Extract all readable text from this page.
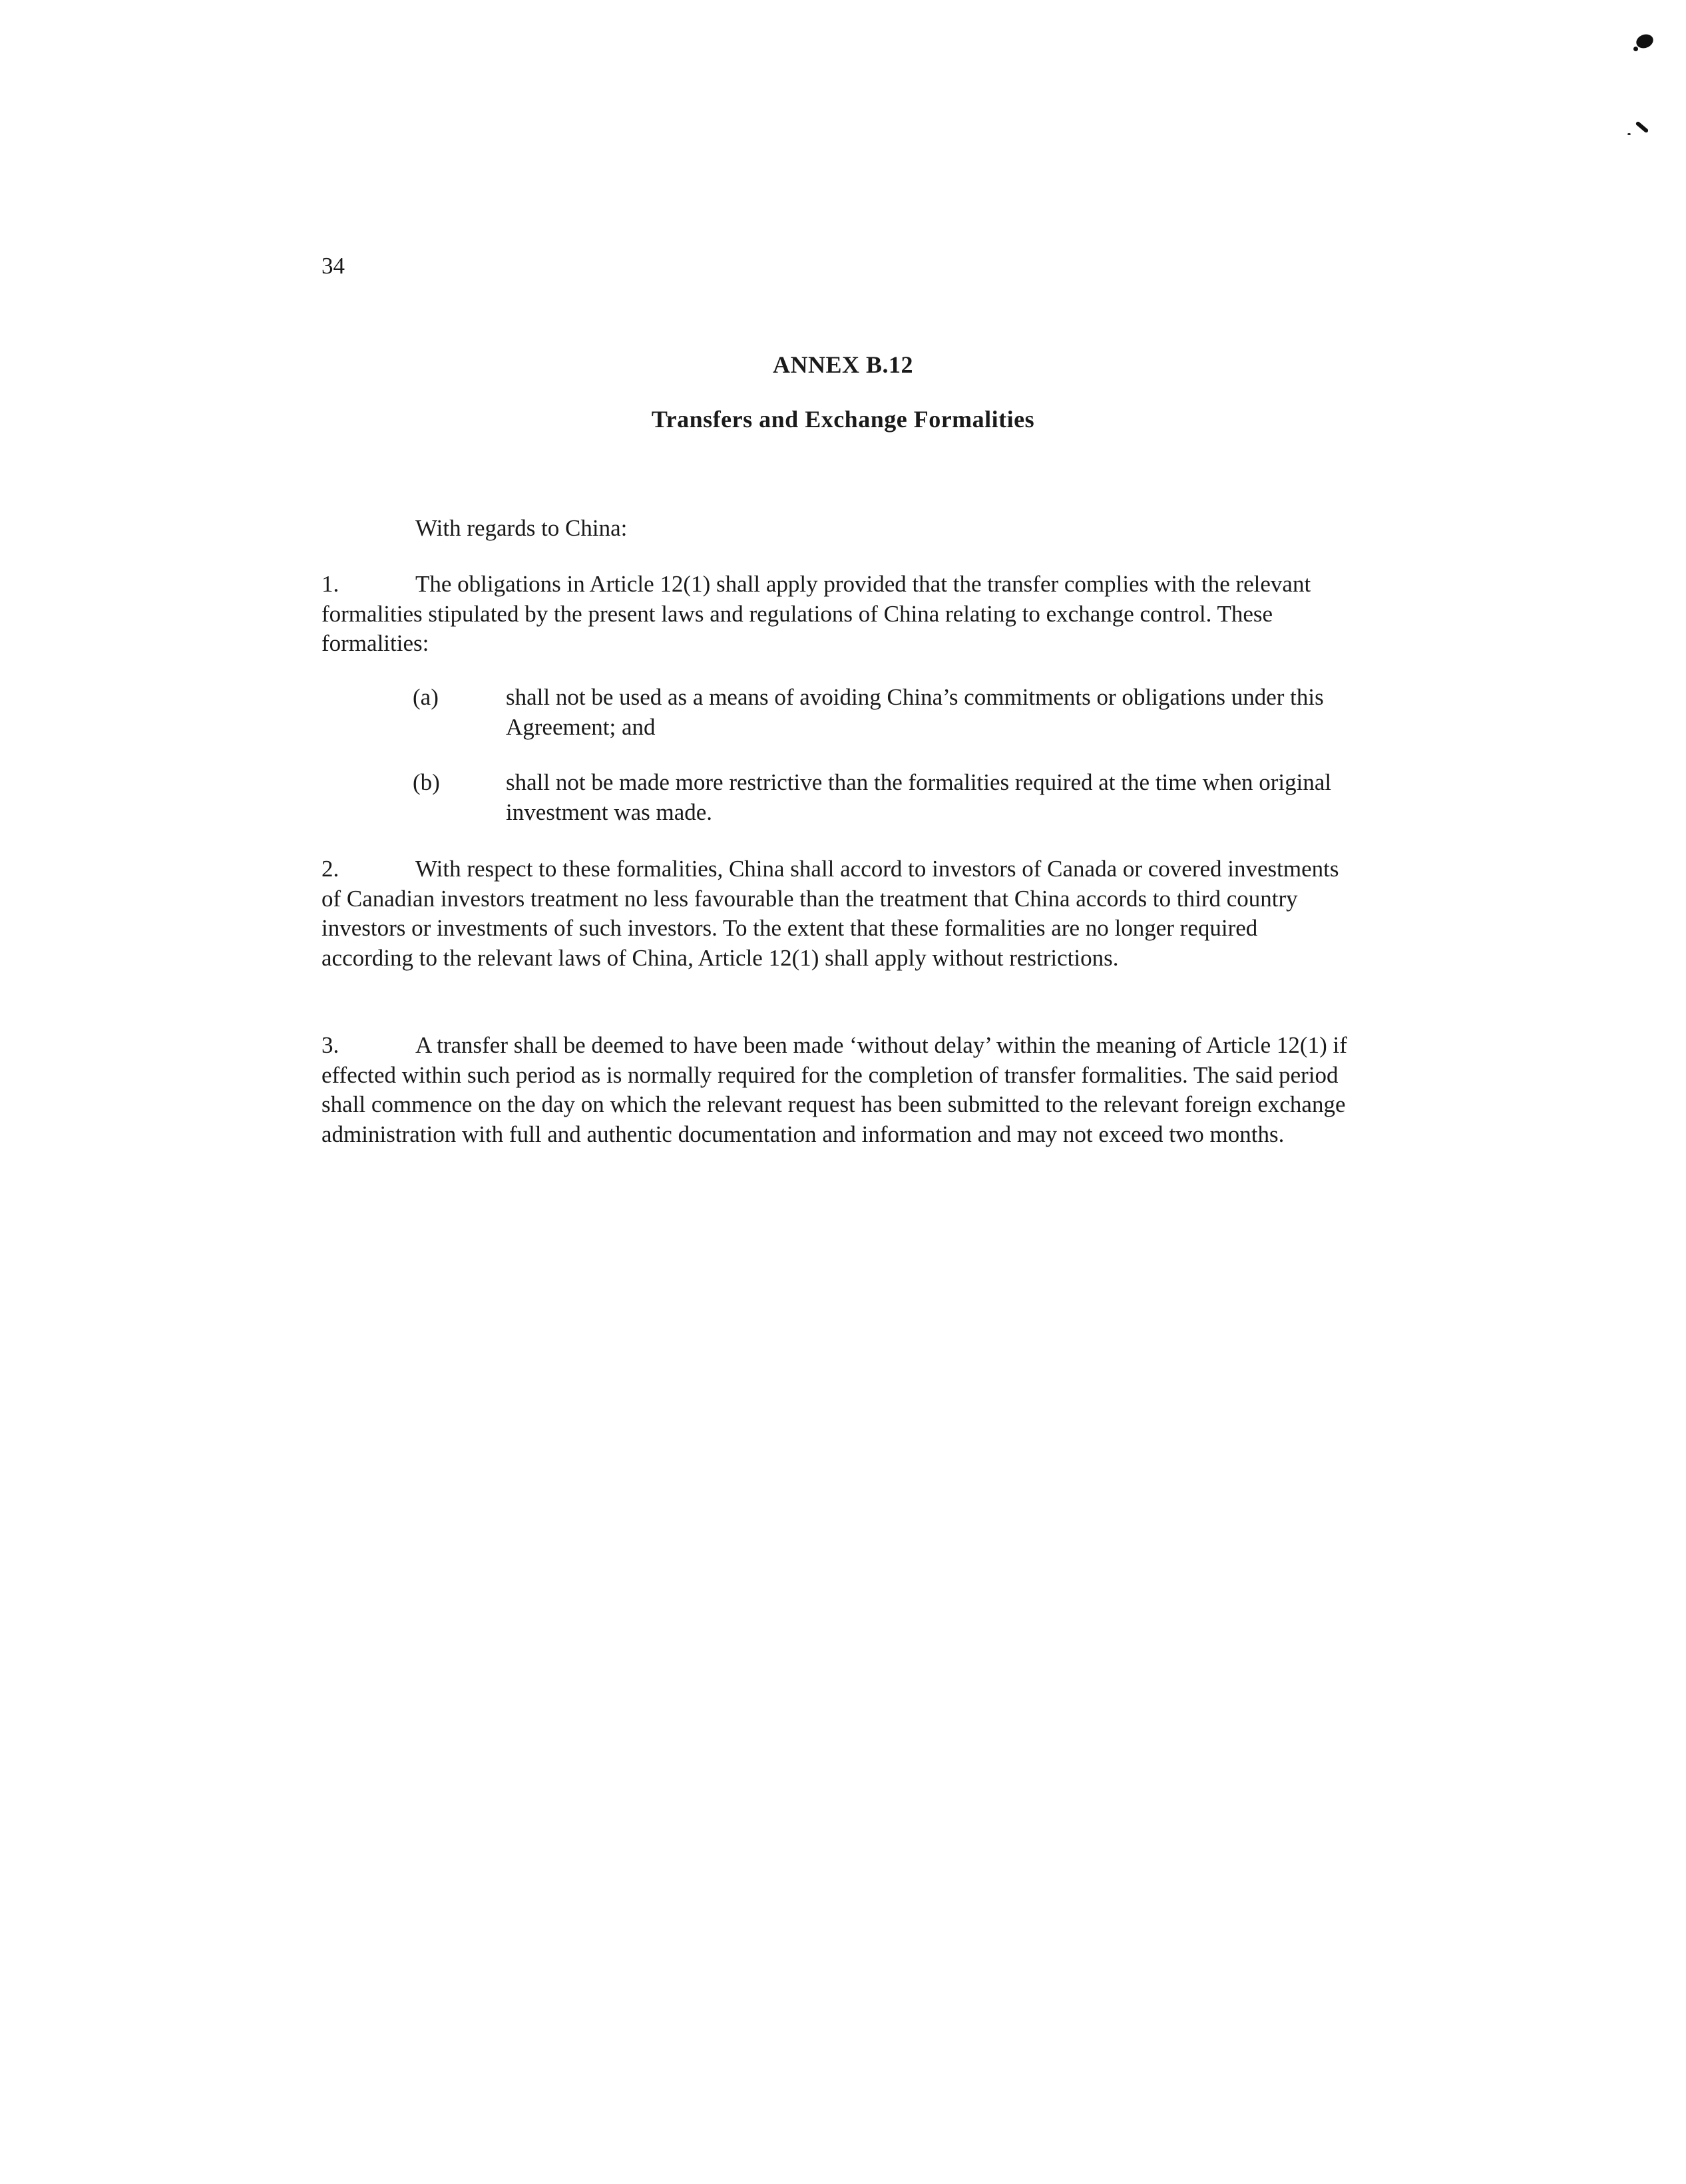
34
ANNEX B.12
Transfers and Exchange Formalities
With regards to China:

1.	The obligations in Article 12(1) shall apply provided that the transfer complies with the relevant formalities stipulated by the present laws and regulations of China relating to exchange control. These formalities:

(a)	shall not be used as a means of avoiding China’s commitments or obligations under this Agreement; and
(b)	shall not be made more restrictive than the formalities required at the time when original investment was made.

2.	With respect to these formalities, China shall accord to investors of Canada or covered investments of Canadian investors treatment no less favourable than the treatment that China accords to third country investors or investments of such investors. To the extent that these formalities are no longer required according to the relevant laws of China, Article 12(1) shall apply without restrictions.

3.	A transfer shall be deemed to have been made ‘without delay’ within the meaning of Article 12(1) if effected within such period as is normally required for the completion of transfer formalities. The said period shall commence on the day on which the relevant request has been submitted to the relevant foreign exchange administration with full and authentic documentation and information and may not exceed two months.
